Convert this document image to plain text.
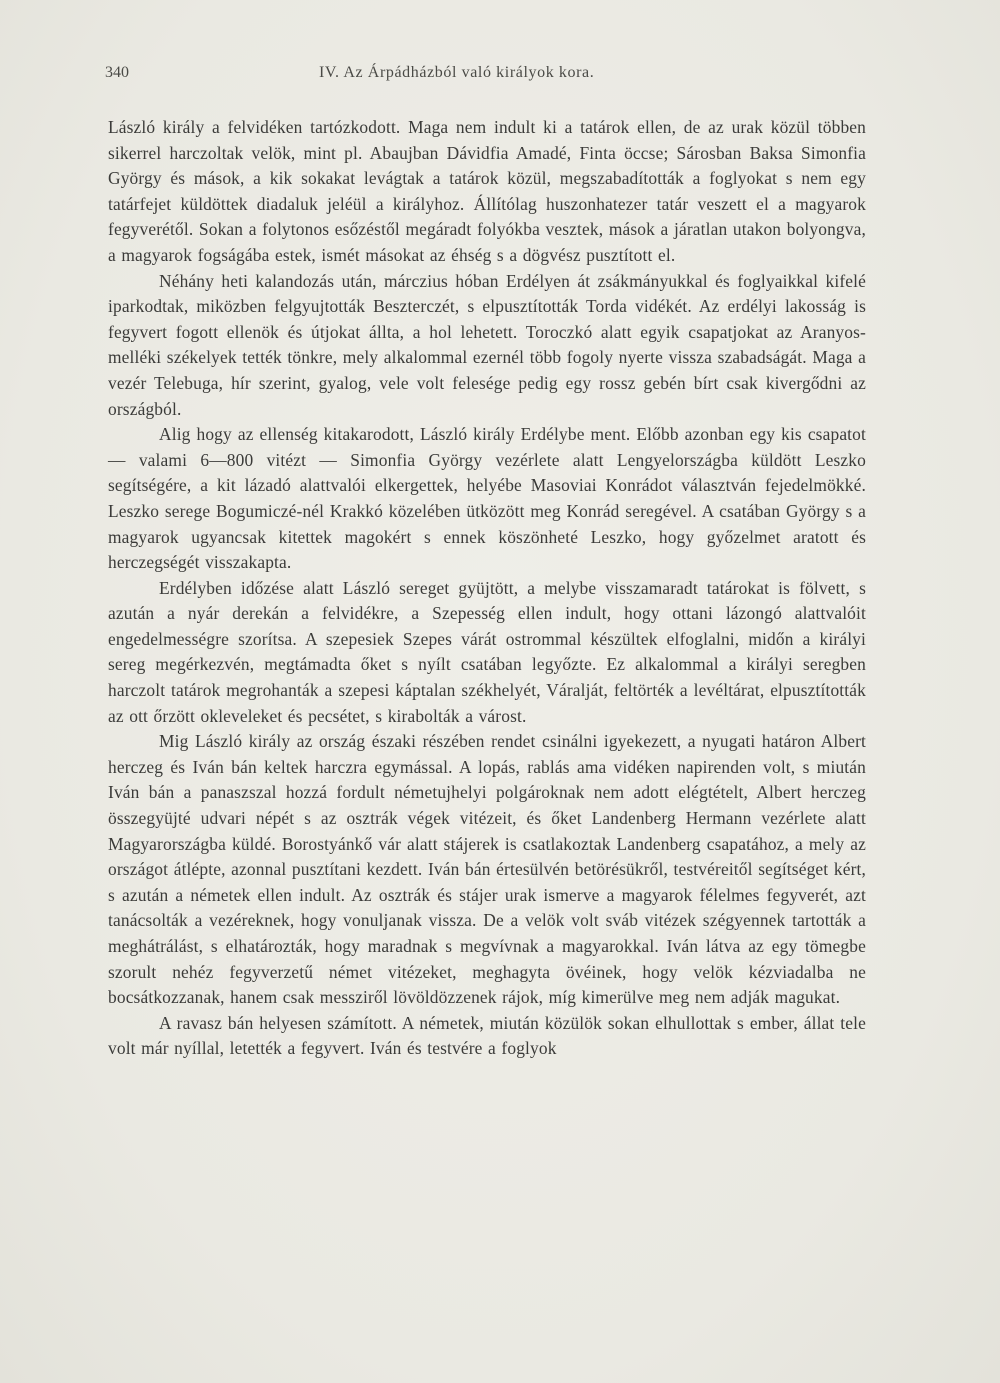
340	IV. Az Árpádházból való királyok kora.

László király a felvidéken tartózkodott. Maga nem indult ki a tatárok ellen, de az urak közül többen sikerrel harczoltak velök, mint pl. Abaujban Dávidfia Amadé, Finta öccse; Sárosban Baksa Simonfia György és mások, a kik sokakat levágtak a tatárok közül, megszabadították a foglyokat s nem egy tatárfejet küldöttek diadaluk jeléül a királyhoz. Állítólag huszonhatezer tatár veszett el a magyarok fegyverétől. Sokan a folytonos esőzéstől megáradt folyókba vesztek, mások a járatlan utakon bolyongva, a magyarok fogságába estek, ismét másokat az éhség s a dögvész pusztított el.

Néhány heti kalandozás után, márczius hóban Erdélyen át zsákmányukkal és foglyaikkal kifelé iparkodtak, miközben felgyujtották Beszterczét, s elpusztították Torda vidékét. Az erdélyi lakosság is fegyvert fogott ellenök és útjokat állta, a hol lehetett. Toroczkó alatt egyik csapatjokat az Aranyos-melléki székelyek tették tönkre, mely alkalommal ezernél több fogoly nyerte vissza szabadságát. Maga a vezér Telebuga, hír szerint, gyalog, vele volt felesége pedig egy rossz gebén bírt csak kivergődni az országból.

Alig hogy az ellenség kitakarodott, László király Erdélybe ment. Előbb azonban egy kis csapatot — valami 6—800 vitézt — Simonfia György vezérlete alatt Lengyelországba küldött Leszko segítségére, a kit lázadó alattvalói elkergettek, helyébe Masoviai Konrádot választván fejedelmökké. Leszko serege Bogumiczé-nél Krakkó közelében ütközött meg Konrád seregével. A csatában György s a magyarok ugyancsak kitettek magokért s ennek köszönheté Leszko, hogy győzelmet aratott és herczegségét visszakapta.

Erdélyben időzése alatt László sereget gyüjtött, a melybe visszamaradt tatárokat is fölvett, s azután a nyár derekán a felvidékre, a Szepesség ellen indult, hogy ottani lázongó alattvalóit engedelmességre szorítsa. A szepesiek Szepes várát ostrommal készültek elfoglalni, midőn a királyi sereg megérkezvén, megtámadta őket s nyílt csatában legyőzte. Ez alkalommal a királyi seregben harczolt tatárok megrohanták a szepesi káptalan székhelyét, Váralját, feltörték a levéltárat, elpusztították az ott őrzött okleveleket és pecsétet, s kirabolták a várost.

Mig László király az ország északi részében rendet csinálni igyekezett, a nyugati határon Albert herczeg és Iván bán keltek harczra egymással. A lopás, rablás ama vidéken napirenden volt, s miután Iván bán a panaszszal hozzá fordult németujhelyi polgároknak nem adott elégtételt, Albert herczeg összegyüjté udvari népét s az osztrák végek vitézeit, és őket Landenberg Hermann vezérlete alatt Magyarországba küldé. Borostyánkő vár alatt stájerek is csatlakoztak Landenberg csapatához, a mely az országot átlépte, azonnal pusztítani kezdett. Iván bán értesülvén betörésükről, testvéreitől segítséget kért, s azután a németek ellen indult. Az osztrák és stájer urak ismerve a magyarok félelmes fegyverét, azt tanácsolták a vezéreknek, hogy vonuljanak vissza. De a velök volt sváb vitézek szégyennek tartották a meghátrálást, s elhatározták, hogy maradnak s megvívnak a magyarokkal. Iván látva az egy tömegbe szorult nehéz fegyverzetű német vitézeket, meghagyta övéinek, hogy velök kézviadalba ne bocsátkozzanak, hanem csak messziről lövöldözzenek rájok, míg kimerülve meg nem adják magukat.

A ravasz bán helyesen számított. A németek, miután közülök sokan elhullottak s ember, állat tele volt már nyíllal, letették a fegyvert. Iván és testvére a foglyok
